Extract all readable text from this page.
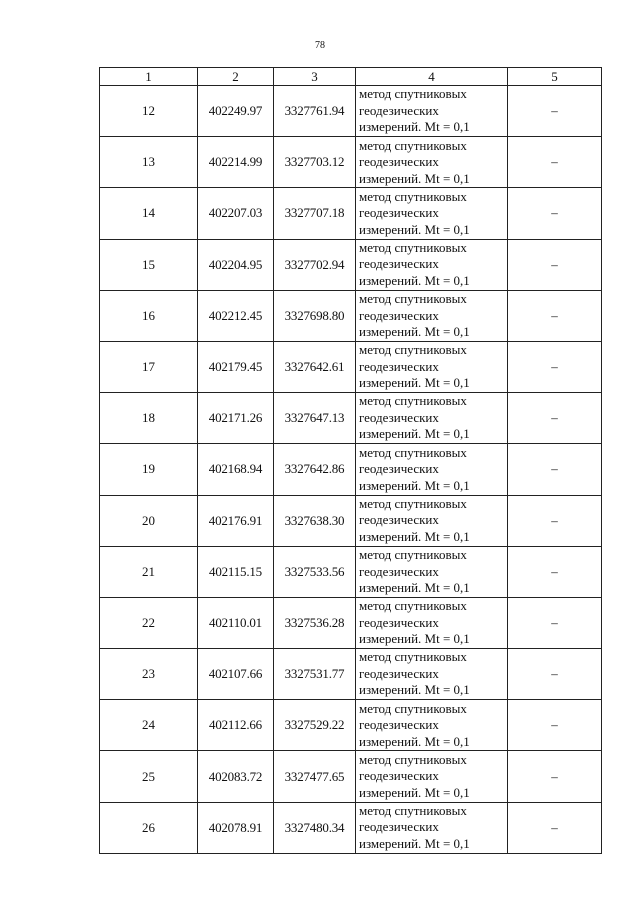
78
1	2	3	4	5
12	402249.97	3327761.94	метод спутниковых
геодезических
измерений. Mt = 0,1	–
13	402214.99	3327703.12	метод спутниковых
геодезических
измерений. Mt = 0,1	–
14	402207.03	3327707.18	метод спутниковых
геодезических
измерений. Mt = 0,1	–
15	402204.95	3327702.94	метод спутниковых
геодезических
измерений. Mt = 0,1	–
16	402212.45	3327698.80	метод спутниковых
геодезических
измерений. Mt = 0,1	–
17	402179.45	3327642.61	метод спутниковых
геодезических
измерений. Mt = 0,1	–
18	402171.26	3327647.13	метод спутниковых
геодезических
измерений. Mt = 0,1	–
19	402168.94	3327642.86	метод спутниковых
геодезических
измерений. Mt = 0,1	–
20	402176.91	3327638.30	метод спутниковых
геодезических
измерений. Mt = 0,1	–
21	402115.15	3327533.56	метод спутниковых
геодезических
измерений. Mt = 0,1	–
22	402110.01	3327536.28	метод спутниковых
геодезических
измерений. Mt = 0,1	–
23	402107.66	3327531.77	метод спутниковых
геодезических
измерений. Mt = 0,1	–
24	402112.66	3327529.22	метод спутниковых
геодезических
измерений. Mt = 0,1	–
25	402083.72	3327477.65	метод спутниковых
геодезических
измерений. Mt = 0,1	–
26	402078.91	3327480.34	метод спутниковых
геодезических
измерений. Mt = 0,1	–
